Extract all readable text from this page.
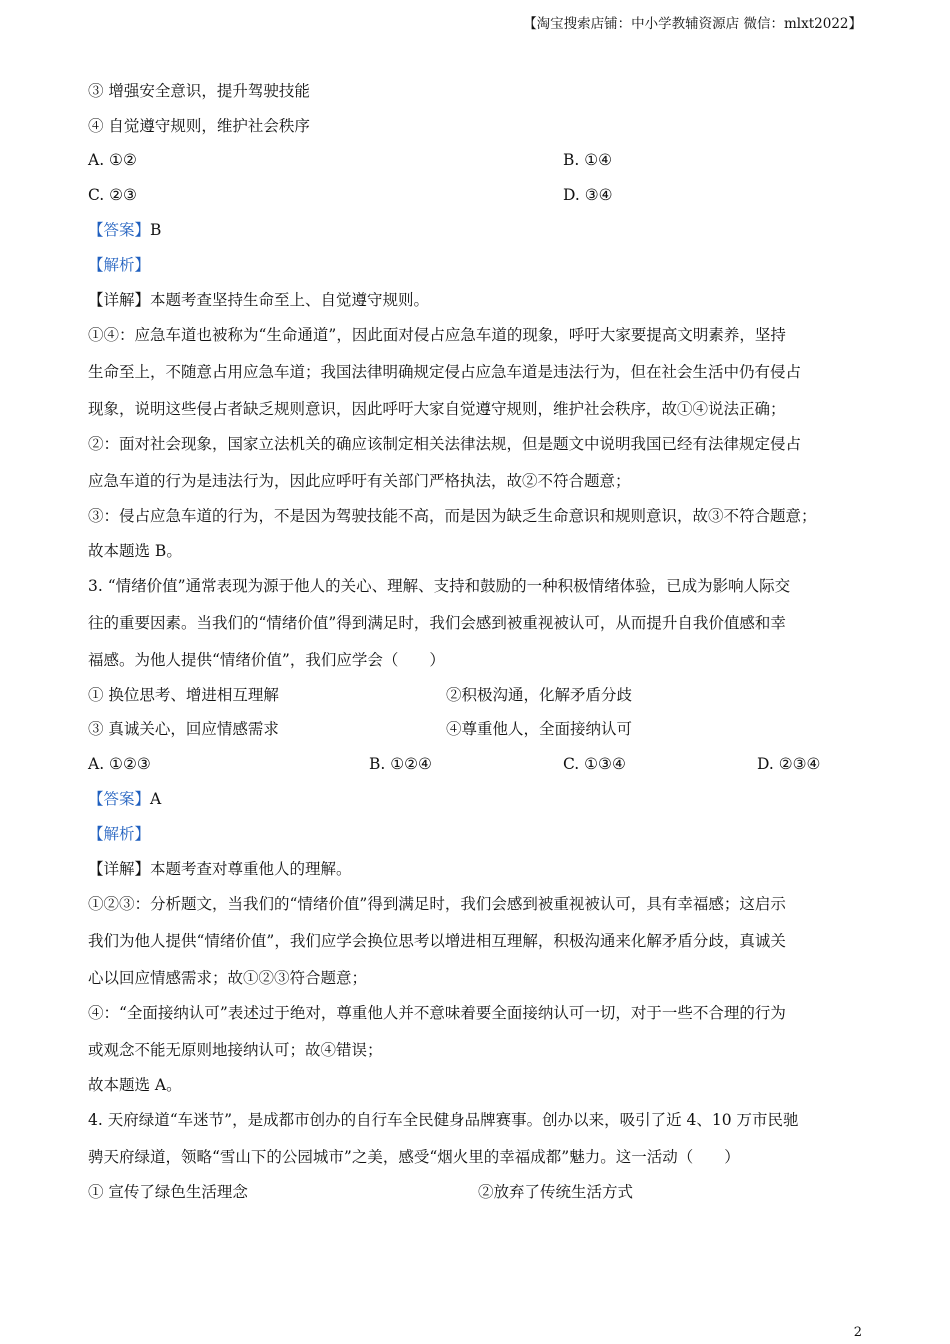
【淘宝搜索店铺：中小学教辅资源店 微信：mlxt2022】
③ 增强安全意识，提升驾驶技能
④ 自觉遵守规则，维护社会秩序
A. ①②	B. ①④
C. ②③	D. ③④
【答案】B
【解析】
【详解】本题考查坚持生命至上、自觉遵守规则。
①④：应急车道也被称为“生命通道”，因此面对侵占应急车道的现象，呼吁大家要提高文明素养，坚持
生命至上，不随意占用应急车道；我国法律明确规定侵占应急车道是违法行为，但在社会生活中仍有侵占
现象，说明这些侵占者缺乏规则意识，因此呼吁大家自觉遵守规则，维护社会秩序，故①④说法正确；
②：面对社会现象，国家立法机关的确应该制定相关法律法规，但是题文中说明我国已经有法律规定侵占
应急车道的行为是违法行为，因此应呼吁有关部门严格执法，故②不符合题意；
③：侵占应急车道的行为，不是因为驾驶技能不高，而是因为缺乏生命意识和规则意识，故③不符合题意；
故本题选 B。
3. “情绪价值”通常表现为源于他人的关心、理解、支持和鼓励的一种积极情绪体验，已成为影响人际交
往的重要因素。当我们的“情绪价值”得到满足时，我们会感到被重视被认可，从而提升自我价值感和幸
福感。为他人提供“情绪价值”，我们应学会（　　）
① 换位思考、增进相互理解	②积极沟通，化解矛盾分歧
③ 真诚关心，回应情感需求	④尊重他人，全面接纳认可
A. ①②③	B. ①②④	C. ①③④	D. ②③④
【答案】A
【解析】
【详解】本题考查对尊重他人的理解。
①②③：分析题文，当我们的“情绪价值”得到满足时，我们会感到被重视被认可，具有幸福感；这启示
我们为他人提供“情绪价值”，我们应学会换位思考以增进相互理解，积极沟通来化解矛盾分歧，真诚关
心以回应情感需求；故①②③符合题意；
④：“全面接纳认可”表述过于绝对，尊重他人并不意味着要全面接纳认可一切，对于一些不合理的行为
或观念不能无原则地接纳认可；故④错误；
故本题选 A。
4. 天府绿道“车迷节”，是成都市创办的自行车全民健身品牌赛事。创办以来，吸引了近 4、10 万市民驰
骋天府绿道，领略“雪山下的公园城市”之美，感受“烟火里的幸福成都”魅力。这一活动（　　）
① 宣传了绿色生活理念	②放弃了传统生活方式
2
